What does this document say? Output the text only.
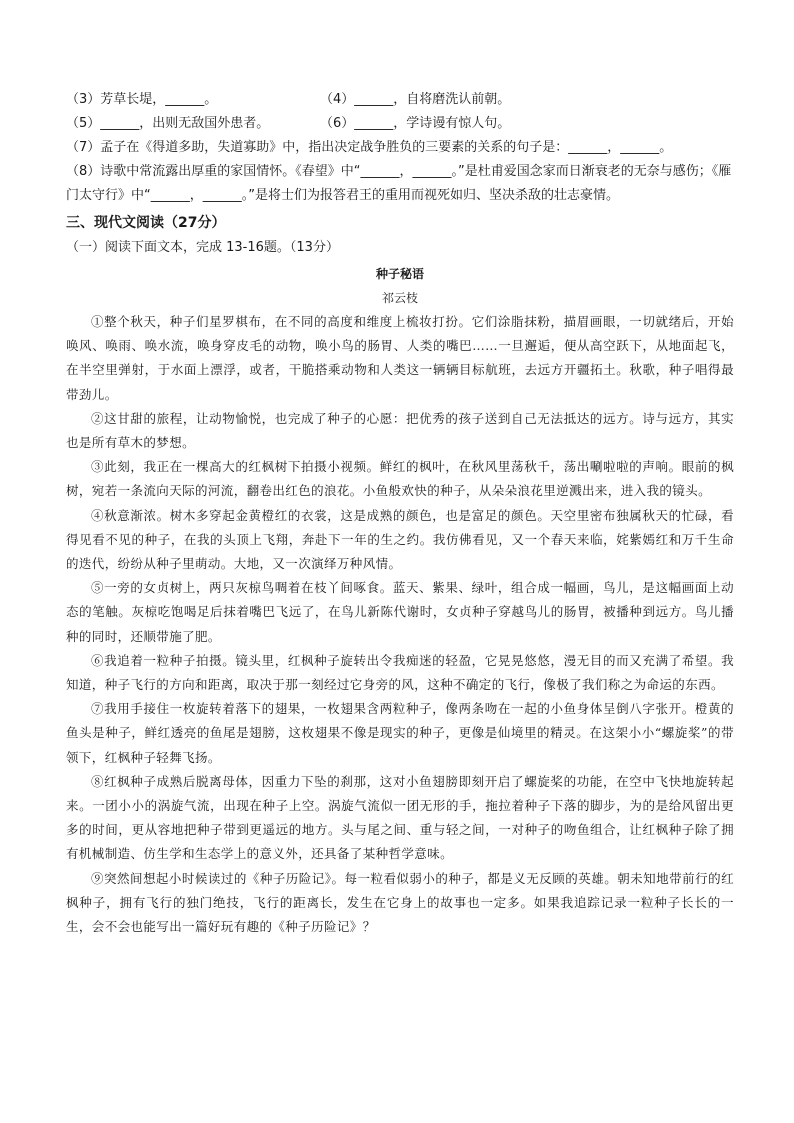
（3）芳草长堤，______。	（4）______，自将磨洗认前朝。
（5）______，出则无敌国外患者。	（6）______，学诗谩有惊人句。
（7）孟子在《得道多助，失道寡助》中，指出决定战争胜负的三要素的关系的句子是：______，______。
（8）诗歌中常流露出厚重的家国情怀。《春望》中“______，______。”是杜甫爱国念家而日渐衰老的无奈与感伤；《雁门太守行》中“______，______。”是将士们为报答君王的重用而视死如归、坚决杀敌的壮志豪情。
三、现代文阅读（27分）
（一）阅读下面文本，完成 13-16题。（13分）
种子秘语
祁云枝
①整个秋天，种子们星罗棋布，在不同的高度和维度上梳妆打扮。它们涂脂抹粉，描眉画眼，一切就绪后，开始唤风、唤雨、唤水流，唤身穿皮毛的动物，唤小鸟的肠胃、人类的嘴巴……一旦邂逅，便从高空跃下，从地面起飞，在半空里弹射，于水面上漂浮，或者，干脆搭乘动物和人类这一辆辆目标航班，去远方开疆拓土。秋歌，种子唱得最带劲儿。
②这甘甜的旅程，让动物愉悦，也完成了种子的心愿：把优秀的孩子送到自己无法抵达的远方。诗与远方，其实也是所有草木的梦想。
③此刻，我正在一棵高大的红枫树下拍摄小视频。鲜红的枫叶，在秋风里荡秋千，荡出唰啦啦的声响。眼前的枫树，宛若一条流向天际的河流，翻卷出红色的浪花。小鱼般欢快的种子，从朵朵浪花里逆溅出来，进入我的镜头。
④秋意渐浓。树木多穿起金黄橙红的衣裳，这是成熟的颜色，也是富足的颜色。天空里密布独属秋天的忙碌，看得见看不见的种子，在我的头顶上飞翔，奔赴下一年的生之约。我仿佛看见，又一个春天来临，姹紫嫣红和万千生命的迭代，纷纷从种子里萌动。大地，又一次演绎万种风情。
⑤一旁的女贞树上，两只灰椋鸟啁着在枝丫间啄食。蓝天、紫果、绿叶，组合成一幅画，鸟儿，是这幅画面上动态的笔触。灰椋吃饱喝足后抹着嘴巴飞远了，在鸟儿新陈代谢时，女贞种子穿越鸟儿的肠胃，被播种到远方。鸟儿播种的同时，还顺带施了肥。
⑥我追着一粒种子拍摄。镜头里，红枫种子旋转出令我痴迷的轻盈，它晃晃悠悠，漫无目的而又充满了希望。我知道，种子飞行的方向和距离，取决于那一刻经过它身旁的风，这种不确定的飞行，像极了我们称之为命运的东西。
⑦我用手接住一枚旋转着落下的翅果，一枚翅果含两粒种子，像两条吻在一起的小鱼身体呈倒八字张开。橙黄的鱼头是种子，鲜红透亮的鱼尾是翅膀，这枚翅果不像是现实的种子，更像是仙境里的精灵。在这架小小“螺旋桨”的带领下，红枫种子轻舞飞扬。
⑧红枫种子成熟后脱离母体，因重力下坠的刹那，这对小鱼翅膀即刻开启了螺旋桨的功能，在空中飞快地旋转起来。一团小小的涡旋气流，出现在种子上空。涡旋气流似一团无形的手，拖拉着种子下落的脚步，为的是给风留出更多的时间，更从容地把种子带到更遥远的地方。头与尾之间、重与轻之间，一对种子的吻鱼组合，让红枫种子除了拥有机械制造、仿生学和生态学上的意义外，还具备了某种哲学意味。
⑨突然间想起小时候读过的《种子历险记》。每一粒看似弱小的种子，都是义无反顾的英雄。朝未知地带前行的红枫种子，拥有飞行的独门绝技，飞行的距离长，发生在它身上的故事也一定多。如果我追踪记录一粒种子长长的一生，会不会也能写出一篇好玩有趣的《种子历险记》？
